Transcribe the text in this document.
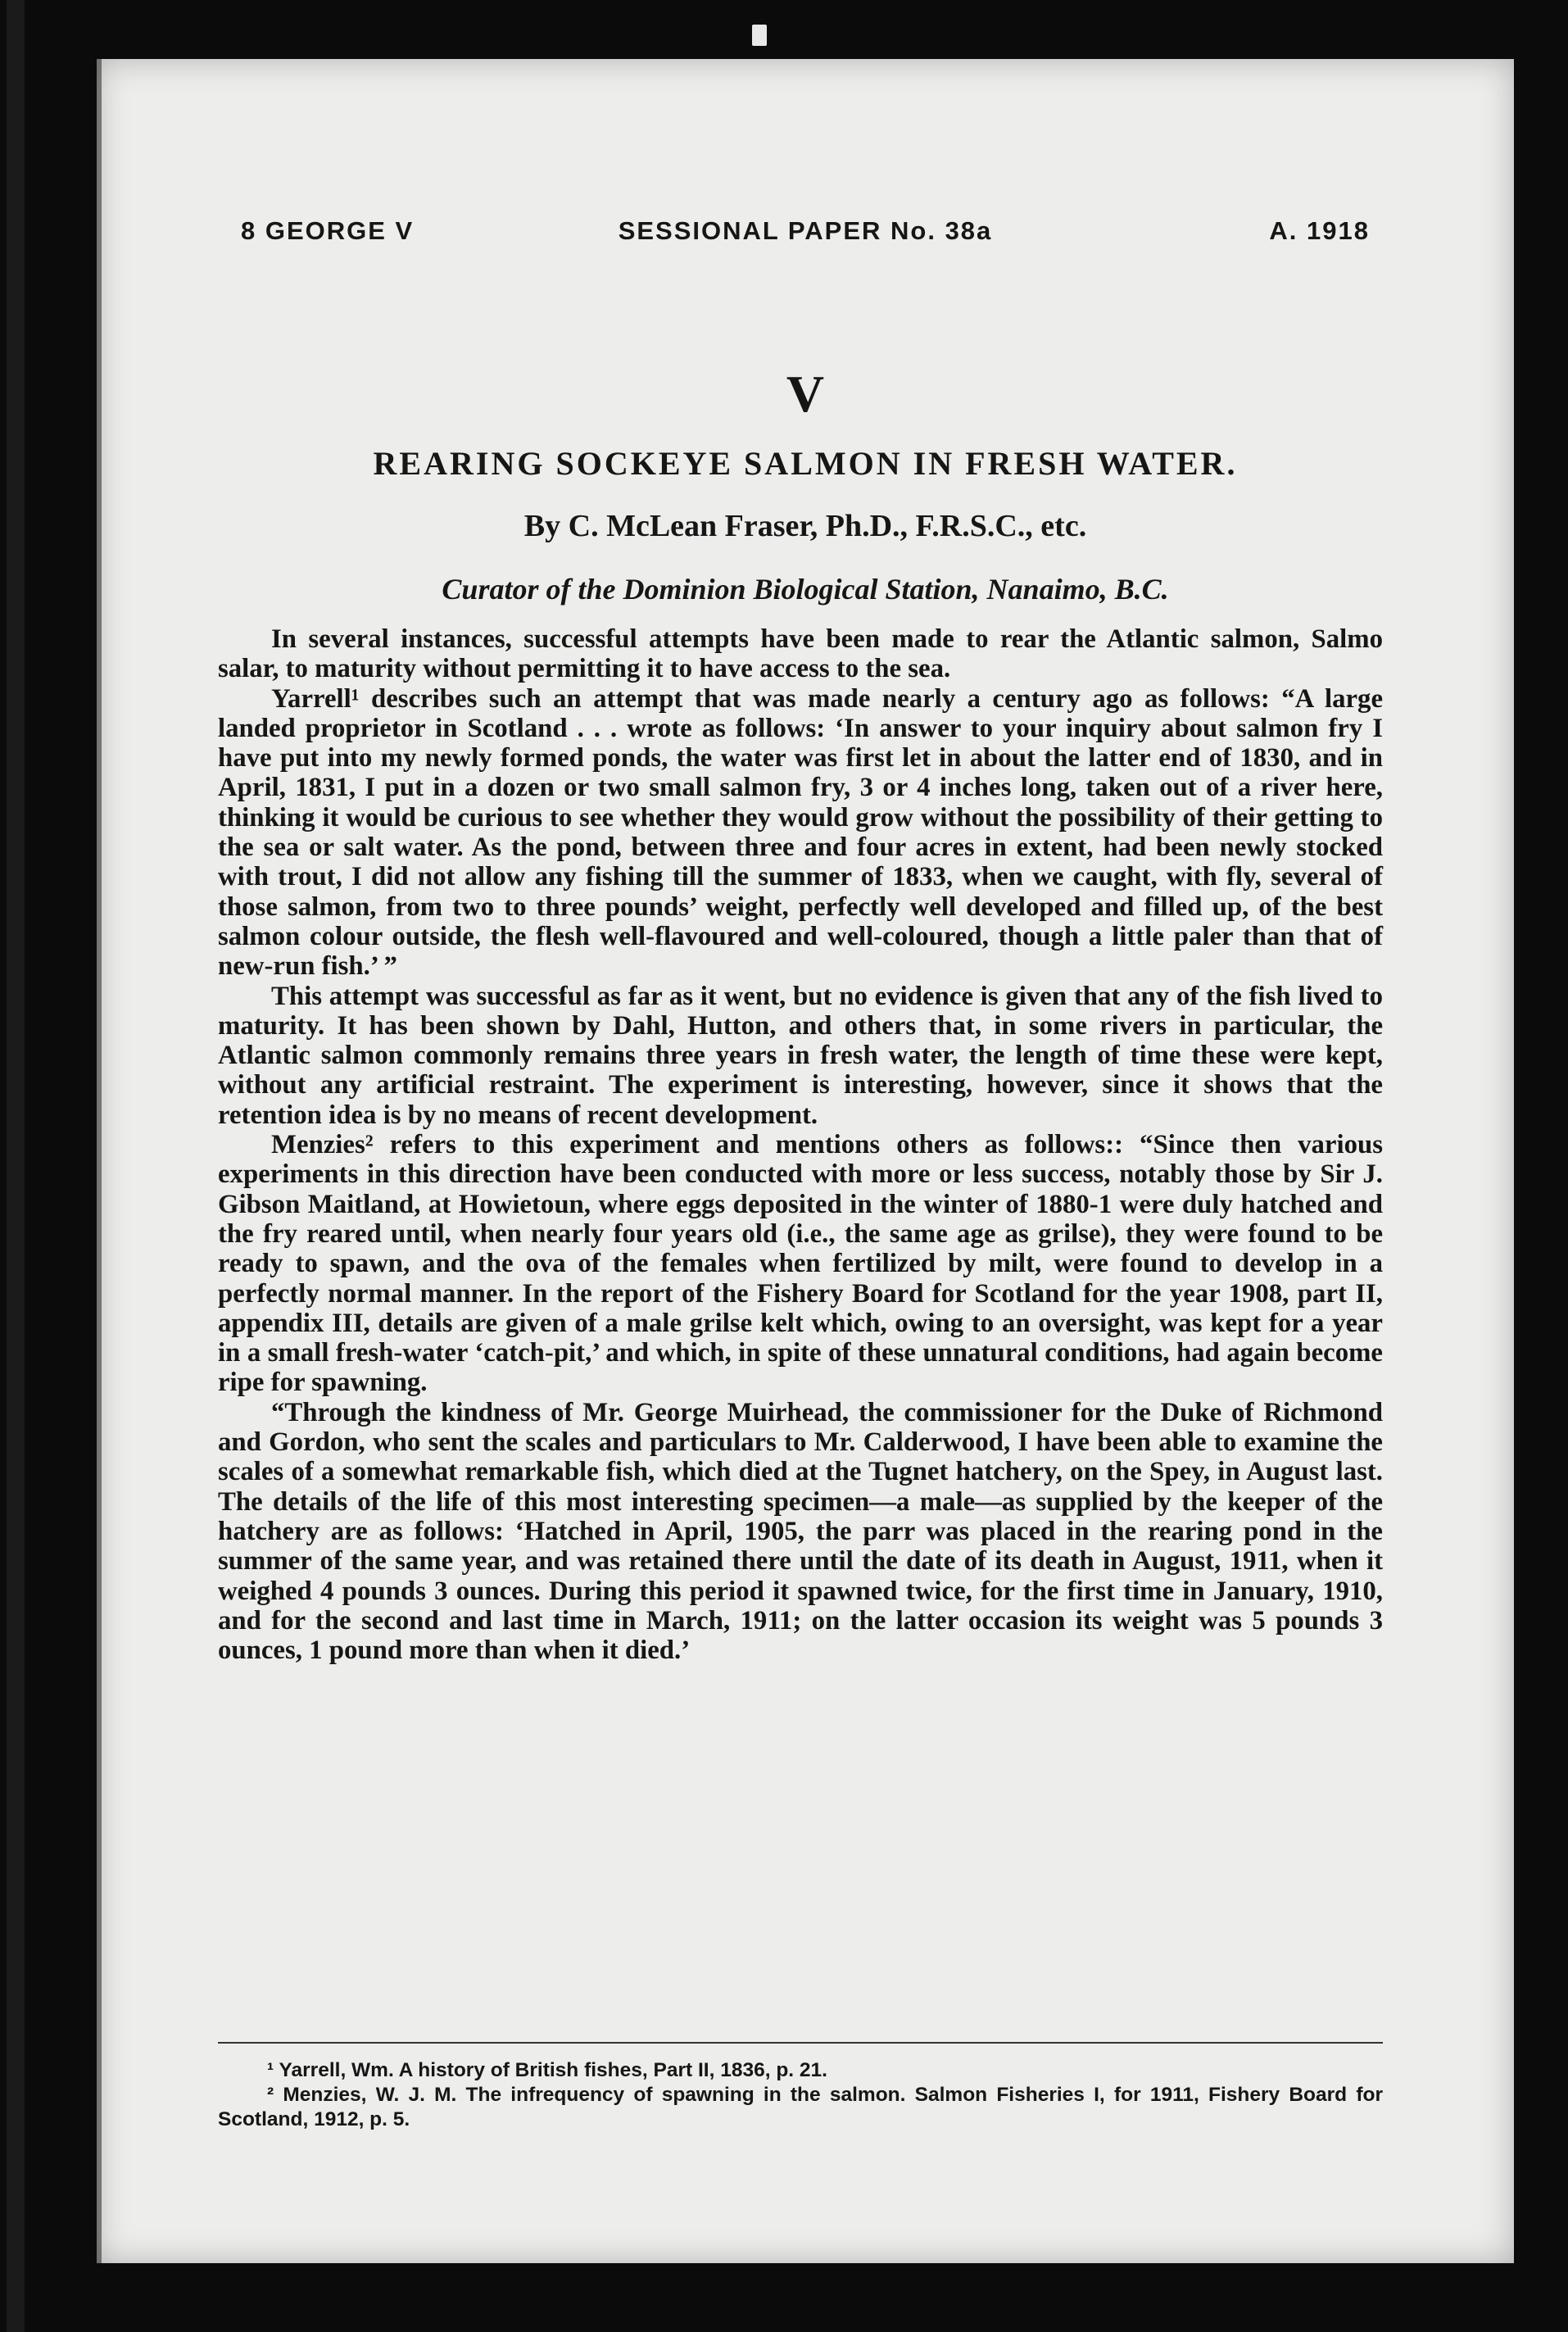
8 GEORGE V	SESSIONAL PAPER No. 38a	A. 1918
V
REARING SOCKEYE SALMON IN FRESH WATER.
By C. McLean Fraser, Ph.D., F.R.S.C., etc.
Curator of the Dominion Biological Station, Nanaimo, B.C.

In several instances, successful attempts have been made to rear the Atlantic salmon, Salmo salar, to maturity without permitting it to have access to the sea.

Yarrell¹ describes such an attempt that was made nearly a century ago as follows: “A large landed proprietor in Scotland . . . wrote as follows: ‘In answer to your inquiry about salmon fry I have put into my newly formed ponds, the water was first let in about the latter end of 1830, and in April, 1831, I put in a dozen or two small salmon fry, 3 or 4 inches long, taken out of a river here, thinking it would be curious to see whether they would grow without the possibility of their getting to the sea or salt water. As the pond, between three and four acres in extent, had been newly stocked with trout, I did not allow any fishing till the summer of 1833, when we caught, with fly, several of those salmon, from two to three pounds’ weight, perfectly well developed and filled up, of the best salmon colour outside, the flesh well-flavoured and well-coloured, though a little paler than that of new-run fish.’ ”

This attempt was successful as far as it went, but no evidence is given that any of the fish lived to maturity. It has been shown by Dahl, Hutton, and others that, in some rivers in particular, the Atlantic salmon commonly remains three years in fresh water, the length of time these were kept, without any artificial restraint. The experiment is interesting, however, since it shows that the retention idea is by no means of recent development.

Menzies² refers to this experiment and mentions others as follows:: “Since then various experiments in this direction have been conducted with more or less success, notably those by Sir J. Gibson Maitland, at Howietoun, where eggs deposited in the winter of 1880-1 were duly hatched and the fry reared until, when nearly four years old (i.e., the same age as grilse), they were found to be ready to spawn, and the ova of the females when fertilized by milt, were found to develop in a perfectly normal manner. In the report of the Fishery Board for Scotland for the year 1908, part II, appendix III, details are given of a male grilse kelt which, owing to an oversight, was kept for a year in a small fresh-water ‘catch-pit,’ and which, in spite of these unnatural conditions, had again become ripe for spawning.

“Through the kindness of Mr. George Muirhead, the commissioner for the Duke of Richmond and Gordon, who sent the scales and particulars to Mr. Calderwood, I have been able to examine the scales of a somewhat remarkable fish, which died at the Tugnet hatchery, on the Spey, in August last. The details of the life of this most interesting specimen—a male—as supplied by the keeper of the hatchery are as follows: ‘Hatched in April, 1905, the parr was placed in the rearing pond in the summer of the same year, and was retained there until the date of its death in August, 1911, when it weighed 4 pounds 3 ounces. During this period it spawned twice, for the first time in January, 1910, and for the second and last time in March, 1911; on the latter occasion its weight was 5 pounds 3 ounces, 1 pound more than when it died.’

¹ Yarrell, Wm. A history of British fishes, Part II, 1836, p. 21.

² Menzies, W. J. M. The infrequency of spawning in the salmon. Salmon Fisheries I, for 1911, Fishery Board for Scotland, 1912, p. 5.
